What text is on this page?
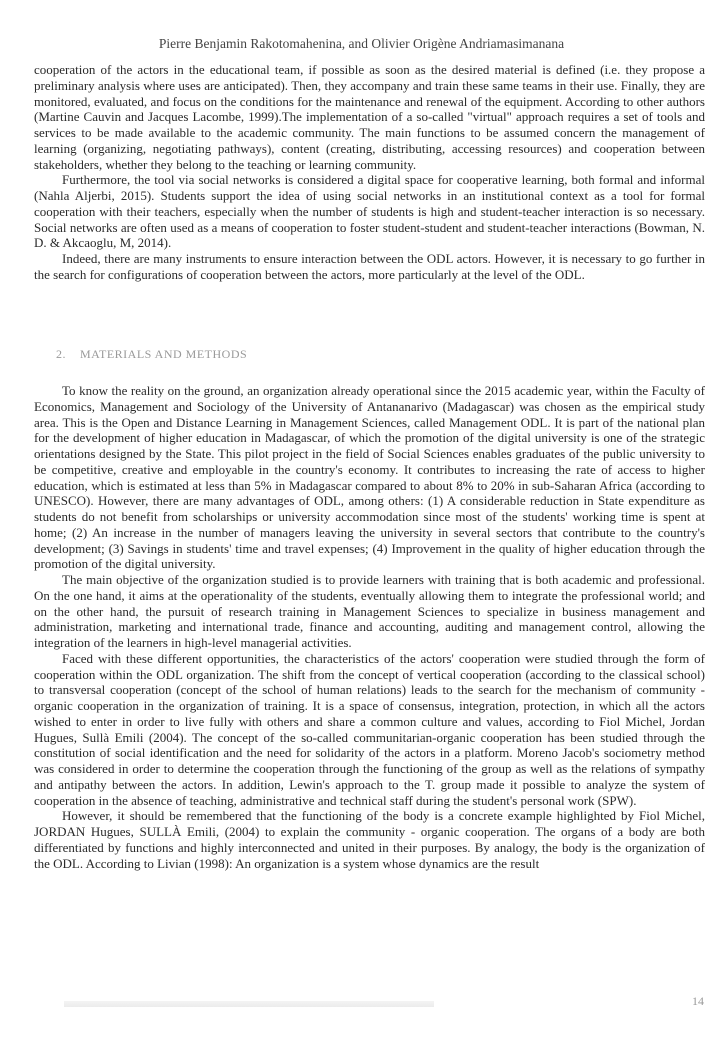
Pierre Benjamin Rakotomahenina, and Olivier Origène Andriamasimanana

cooperation of the actors in the educational team, if possible as soon as the desired material is defined (i.e. they propose a preliminary analysis where uses are anticipated). Then, they accompany and train these same teams in their use. Finally, they are monitored, evaluated, and focus on the conditions for the maintenance and renewal of the equipment. According to other authors (Martine Cauvin and Jacques Lacombe, 1999).The implementation of a so-called "virtual" approach requires a set of tools and services to be made available to the academic community. The main functions to be assumed concern the management of learning (organizing, negotiating pathways), content (creating, distributing, accessing resources) and cooperation between stakeholders, whether they belong to the teaching or learning community.

Furthermore, the tool via social networks is considered a digital space for cooperative learning, both formal and informal (Nahla Aljerbi, 2015). Students support the idea of using social networks in an institutional context as a tool for formal cooperation with their teachers, especially when the number of students is high and student-teacher interaction is so necessary. Social networks are often used as a means of cooperation to foster student-student and student-teacher interactions (Bowman, N. D. & Akcaoglu, M, 2014).

Indeed, there are many instruments to ensure interaction between the ODL actors. However, it is necessary to go further in the search for configurations of cooperation between the actors, more particularly at the level of the ODL.

2. MATERIALS AND METHODS

To know the reality on the ground, an organization already operational since the 2015 academic year, within the Faculty of Economics, Management and Sociology of the University of Antananarivo (Madagascar) was chosen as the empirical study area. This is the Open and Distance Learning in Management Sciences, called Management ODL. It is part of the national plan for the development of higher education in Madagascar, of which the promotion of the digital university is one of the strategic orientations designed by the State. This pilot project in the field of Social Sciences enables graduates of the public university to be competitive, creative and employable in the country's economy. It contributes to increasing the rate of access to higher education, which is estimated at less than 5% in Madagascar compared to about 8% to 20% in sub-Saharan Africa (according to UNESCO). However, there are many advantages of ODL, among others: (1) A considerable reduction in State expenditure as students do not benefit from scholarships or university accommodation since most of the students' working time is spent at home; (2) An increase in the number of managers leaving the university in several sectors that contribute to the country's development; (3) Savings in students' time and travel expenses; (4) Improvement in the quality of higher education through the promotion of the digital university.

The main objective of the organization studied is to provide learners with training that is both academic and professional. On the one hand, it aims at the operationality of the students, eventually allowing them to integrate the professional world; and on the other hand, the pursuit of research training in Management Sciences to specialize in business management and administration, marketing and international trade, finance and accounting, auditing and management control, allowing the integration of the learners in high-level managerial activities.

Faced with these different opportunities, the characteristics of the actors' cooperation were studied through the form of cooperation within the ODL organization. The shift from the concept of vertical cooperation (according to the classical school) to transversal cooperation (concept of the school of human relations) leads to the search for the mechanism of community - organic cooperation in the organization of training. It is a space of consensus, integration, protection, in which all the actors wished to enter in order to live fully with others and share a common culture and values, according to Fiol Michel, Jordan Hugues, Sullà Emili (2004). The concept of the so-called communitarian-organic cooperation has been studied through the constitution of social identification and the need for solidarity of the actors in a platform. Moreno Jacob's sociometry method was considered in order to determine the cooperation through the functioning of the group as well as the relations of sympathy and antipathy between the actors. In addition, Lewin's approach to the T. group made it possible to analyze the system of cooperation in the absence of teaching, administrative and technical staff during the student's personal work (SPW).

However, it should be remembered that the functioning of the body is a concrete example highlighted by Fiol Michel, JORDAN Hugues, SULLÀ Emili, (2004) to explain the community - organic cooperation. The organs of a body are both differentiated by functions and highly interconnected and united in their purposes. By analogy, the body is the organization of the ODL. According to Livian (1998): An organization is a system whose dynamics are the result

14
